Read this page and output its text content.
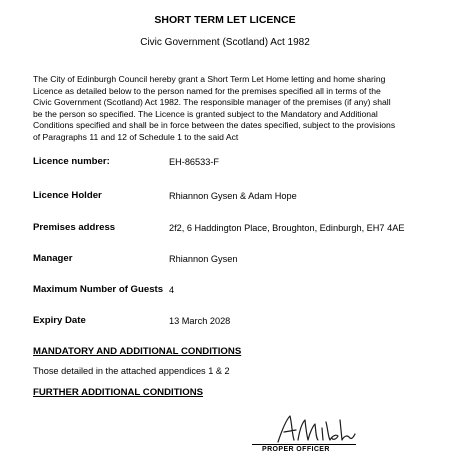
SHORT TERM LET LICENCE
Civic Government (Scotland) Act 1982

The City of Edinburgh Council hereby grant a Short Term Let Home letting and home sharing
Licence as detailed below to the person named for the premises specified all in terms of the
Civic Government (Scotland) Act 1982. The responsible manager of the premises (if any) shall
be the person so specified. The Licence is granted subject to the Mandatory and Additional
Conditions specified and shall be in force between the dates specified, subject to the provisions
of Paragraphs 11 and 12 of Schedule 1 to the said Act

Licence number:	EH-86533-F
Licence Holder	Rhiannon Gysen & Adam Hope
Premises address	2f2, 6 Haddington Place, Broughton, Edinburgh, EH7 4AE
Manager	Rhiannon Gysen
Maximum Number of Guests 4
Expiry Date	13 March 2028
MANDATORY AND ADDITIONAL CONDITIONS
Those detailed in the attached appendices 1 & 2
FURTHER ADDITIONAL CONDITIONS
PROPER OFFICER
